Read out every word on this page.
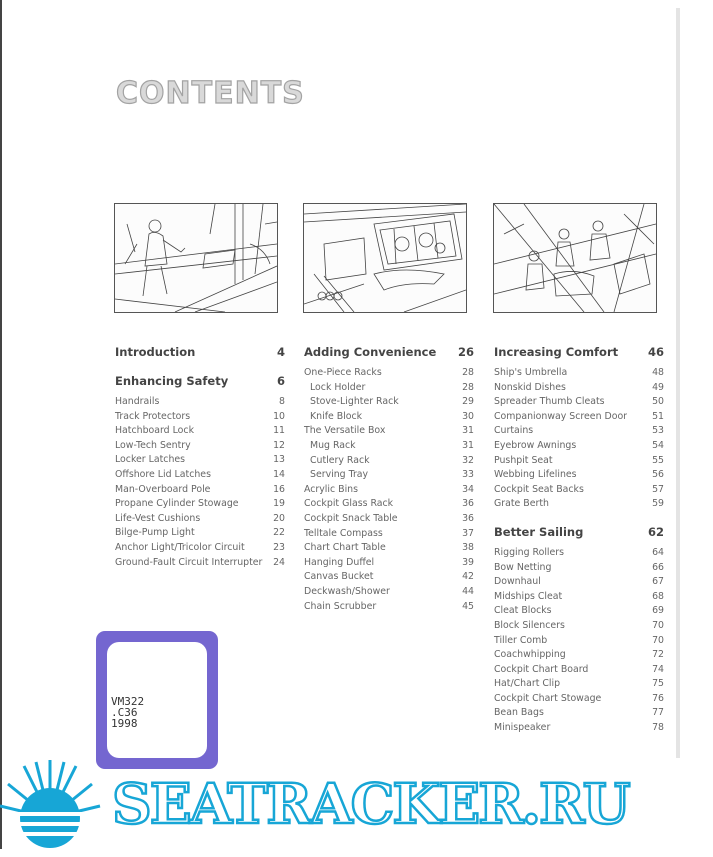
CONTENTS
Introduction	4
Enhancing Safety	6
Handrails	8
Track Protectors	10
Hatchboard Lock	11
Low-Tech Sentry	12
Locker Latches	13
Offshore Lid Latches	14
Man-Overboard Pole	16
Propane Cylinder Stowage	19
Life-Vest Cushions	20
Bilge-Pump Light	22
Anchor Light/Tricolor Circuit	23
Ground-Fault Circuit Interrupter 24
Adding Convenience 26
One-Piece Racks	28
Lock Holder	28
Stove-Lighter Rack	29
Knife Block	30
The Versatile Box	31
Mug Rack	31
Cutlery Rack	32
Serving Tray	33
Acrylic Bins	34
Cockpit Glass Rack	36
Cockpit Snack Table	36
Telltale Compass	37
Chart Chart Table	38
Hanging Duffel	39
Canvas Bucket	42
Deckwash/Shower	44
Chain Scrubber	45
Increasing Comfort	46
Ship's Umbrella	48
Nonskid Dishes	49
Spreader Thumb Cleats	50
Companionway Screen Door	51
Curtains	53
Eyebrow Awnings	54
Pushpit Seat	55
Webbing Lifelines	56
Cockpit Seat Backs	57
Grate Berth	59
Better Sailing	62
Rigging Rollers	64
Bow Netting	66
Downhaul	67
Midships Cleat	68
Cleat Blocks	69
Block Silencers	70
Tiller Comb	70
Coachwhipping	72
Cockpit Chart Board	74
Hat/Chart Clip	75
Cockpit Chart Stowage	76
Bean Bags	77
Minispeaker	78
VM322
.C36
1998
SEATRACKER.RU
